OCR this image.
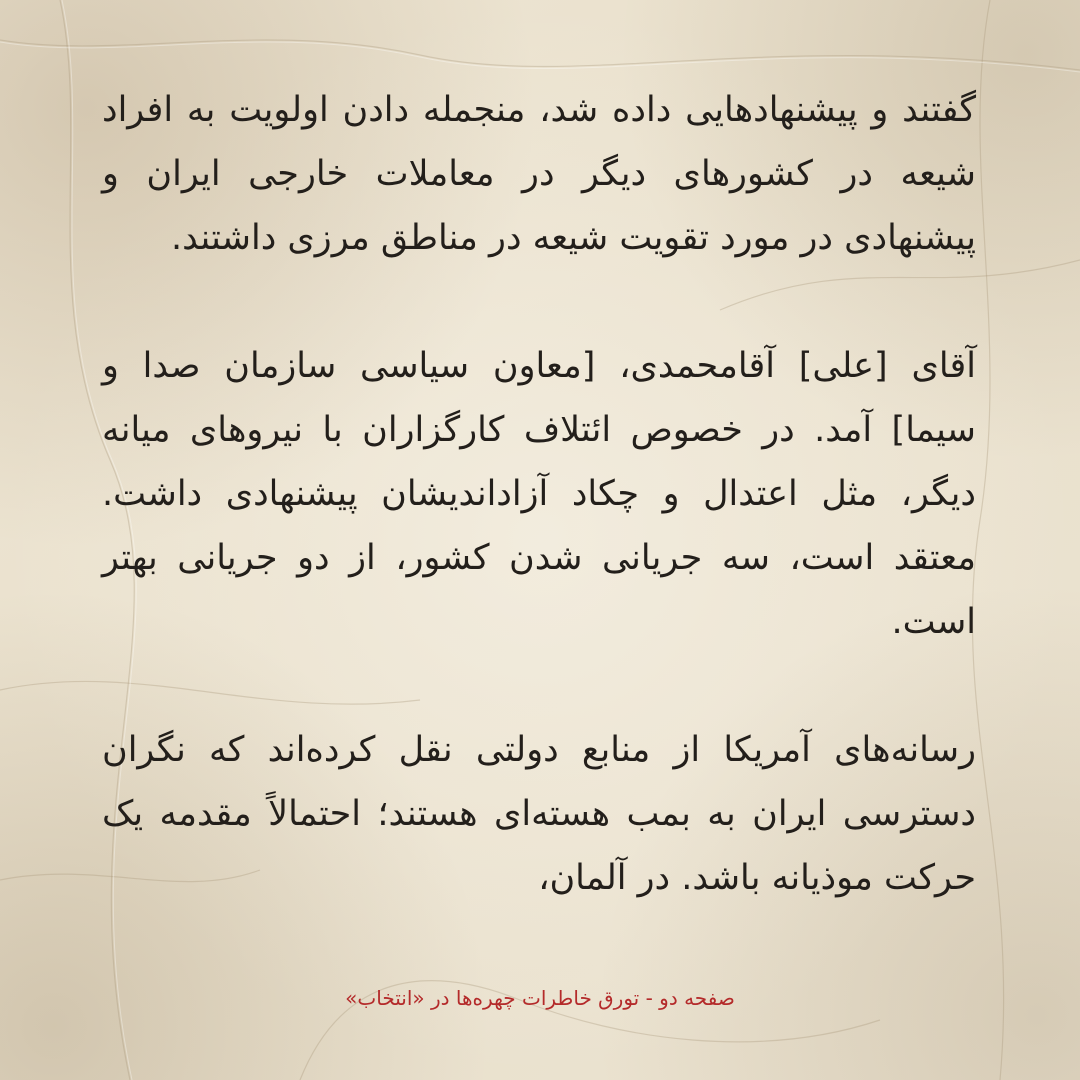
گفتند و پیشنهادهایی داده شد، منجمله دادن اولویت به افراد شیعه در کشورهای دیگر در معاملات خارجی ایران و پیشنهادی در مورد تقویت شیعه در مناطق مرزی داشتند.

آقای [علی] آقامحمدی، [معاون سیاسی سازمان صدا و سیما] آمد. در خصوص ائتلاف کارگزاران با نیروهای میانه دیگر، مثل اعتدال و چکاد آزاداندیشان پیشنهادی داشت. معتقد است، سه جریانی شدن کشور، از دو جریانی بهتر است.

رسانه‌های آمریکا از منابع دولتی نقل کرده‌اند که نگران دسترسی ایران به بمب هسته‌ای هستند؛ احتمالاً مقدمه یک حرکت موذیانه باشد. در آلمان،

صفحه دو - تورق خاطرات چهره‌ها در «انتخاب»
